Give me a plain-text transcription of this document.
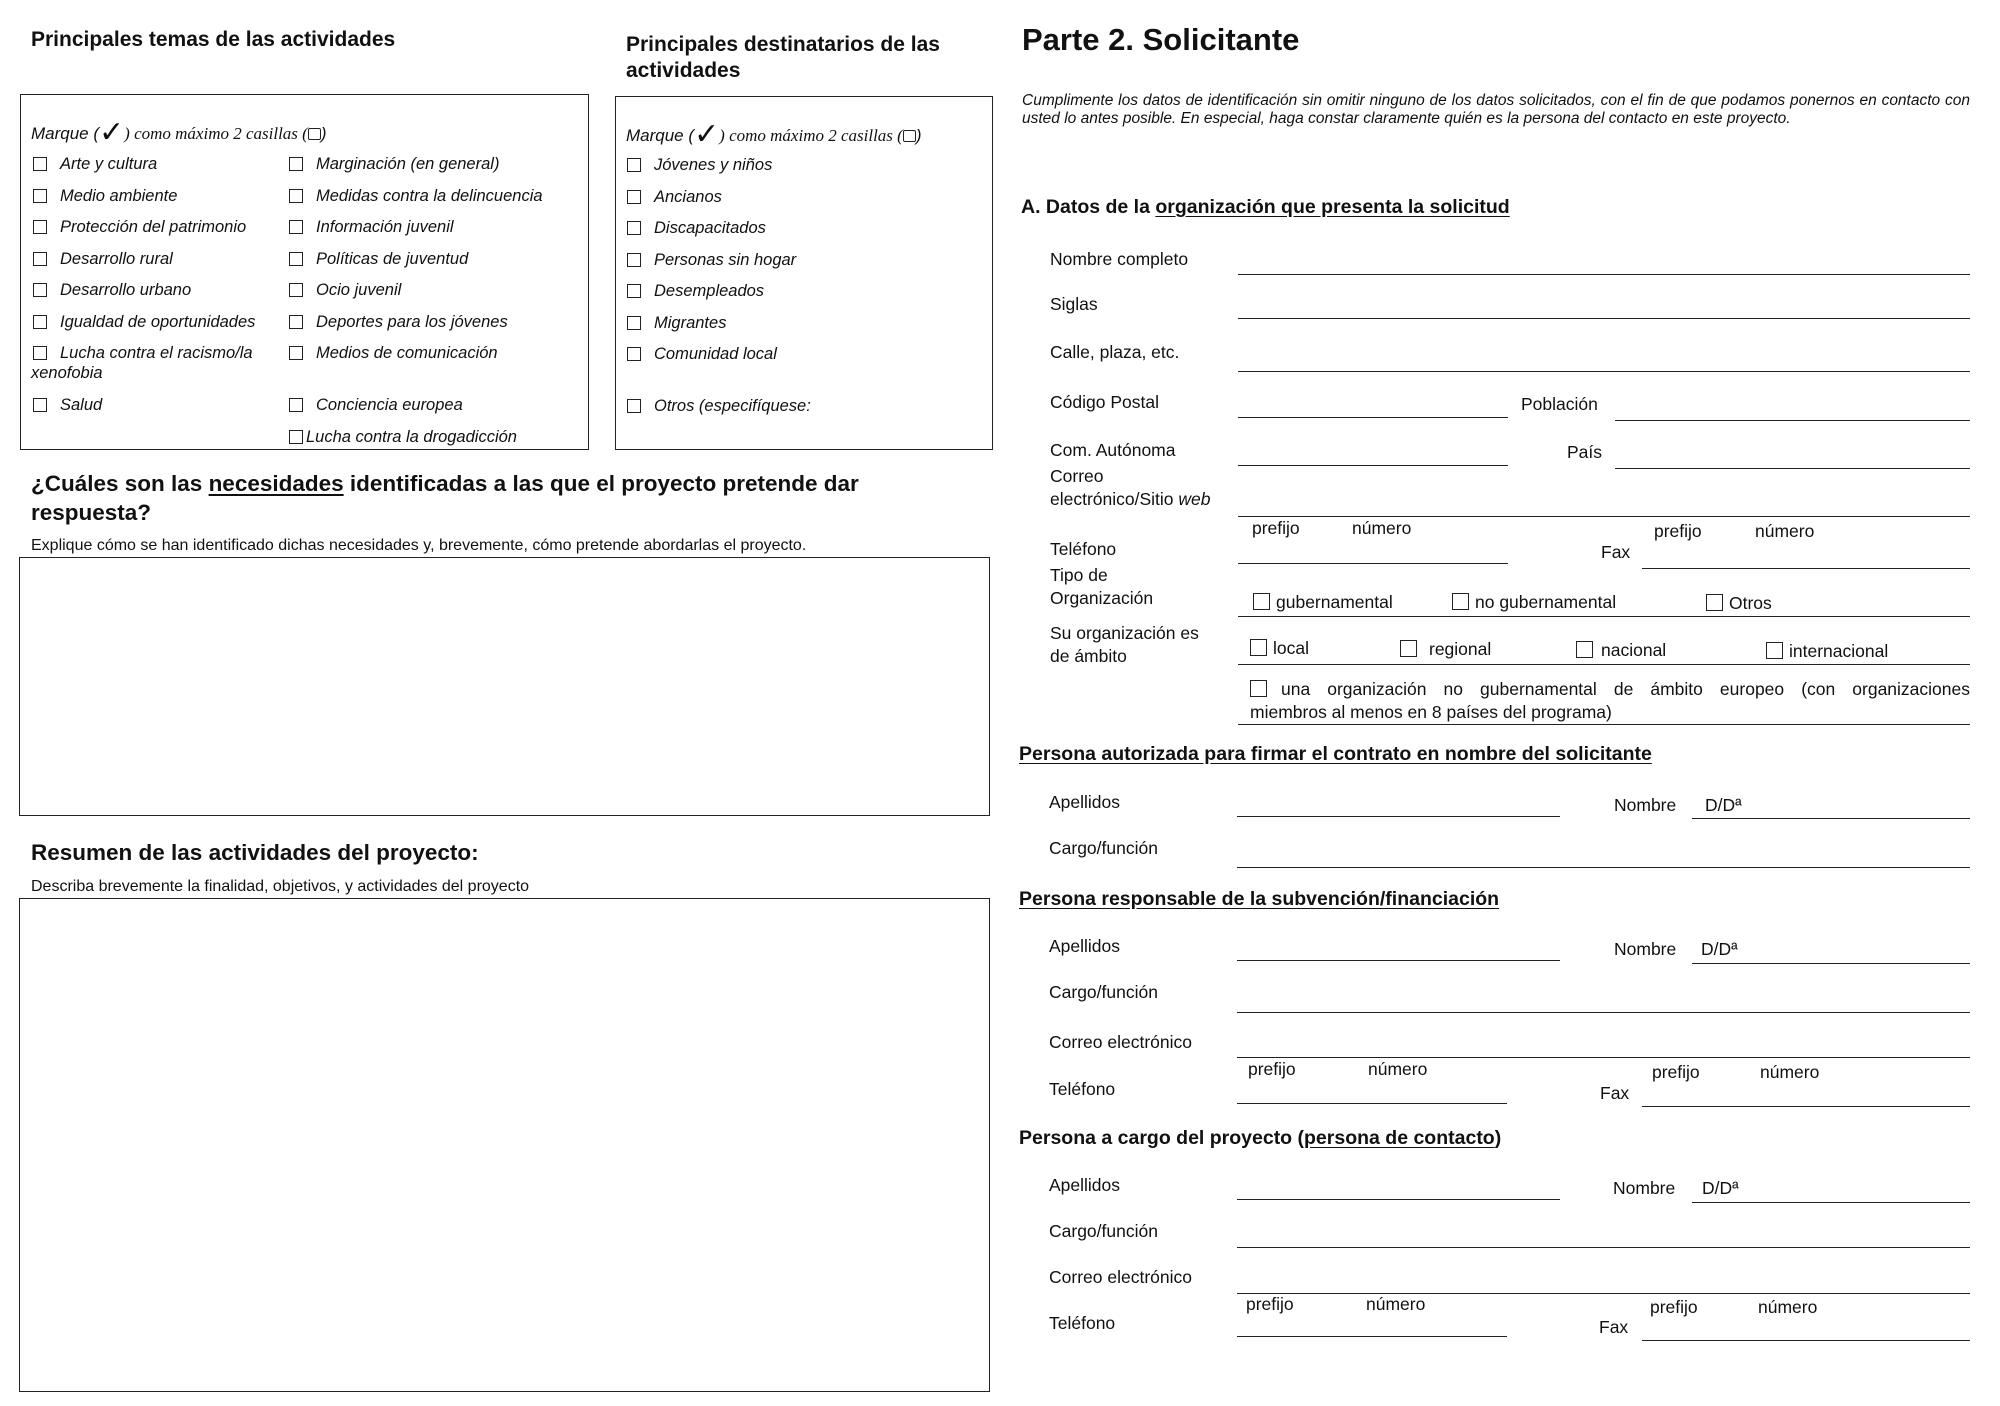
Principales temas de las actividades	Principales destinatarios de las
actividades
Marque (✓) como máximo 2 casillas ( )
Arte y cultura
Medio ambiente
Protección del patrimonio
Desarrollo rural
Desarrollo urbano
Igualdad de oportunidades
Lucha contra el racismo/la
xenofobia
Salud
Marginación (en general)
Medidas contra la delincuencia
Información juvenil
Políticas de juventud
Ocio juvenil
Deportes para los jóvenes
Medios de comunicación
Conciencia europea
Lucha contra la drogadicción
Marque (✓) como máximo 2 casillas ( )
Jóvenes y niños
Ancianos
Discapacitados
Personas sin hogar
Desempleados
Migrantes
Comunidad local
Otros (especifíquese:
¿Cuáles son las necesidades identificadas a las que el proyecto pretende dar
respuesta?
Explique cómo se han identificado dichas necesidades y, brevemente, cómo pretende abordarlas el proyecto.
Resumen de las actividades del proyecto:
Describa brevemente la finalidad, objetivos, y actividades del proyecto
Parte 2. Solicitante
Cumplimente los datos de identificación sin omitir ninguno de los datos solicitados, con el fin de que podamos ponernos en contacto con usted lo antes posible. En especial, haga constar claramente quién es la persona del contacto en este proyecto.
A. Datos de la organización que presenta la solicitud
Nombre completo
Siglas
Calle, plaza, etc.
Código Postal	Población
Com. Autónoma	País
Correo
electrónico/Sitio web
prefijo	número	prefijo	número
Teléfono	Fax
Tipo de
Organización	gubernamental	no gubernamental	Otros
Su organización es
de ámbito	local	regional	nacional	internacional
una organización no gubernamental de ámbito europeo (con organizaciones
miembros al menos en 8 países del programa)
Persona autorizada para firmar el contrato en nombre del solicitante
Apellidos	Nombre D/Dª
Cargo/función
Persona responsable de la subvención/financiación
Apellidos	Nombre D/Dª
Cargo/función
Correo electrónico
prefijo	número	prefijo	número
Teléfono	Fax
Persona a cargo del proyecto (persona de contacto)
Apellidos	Nombre D/Dª
Cargo/función
Correo electrónico
prefijo	número	prefijo	número
Teléfono	Fax
